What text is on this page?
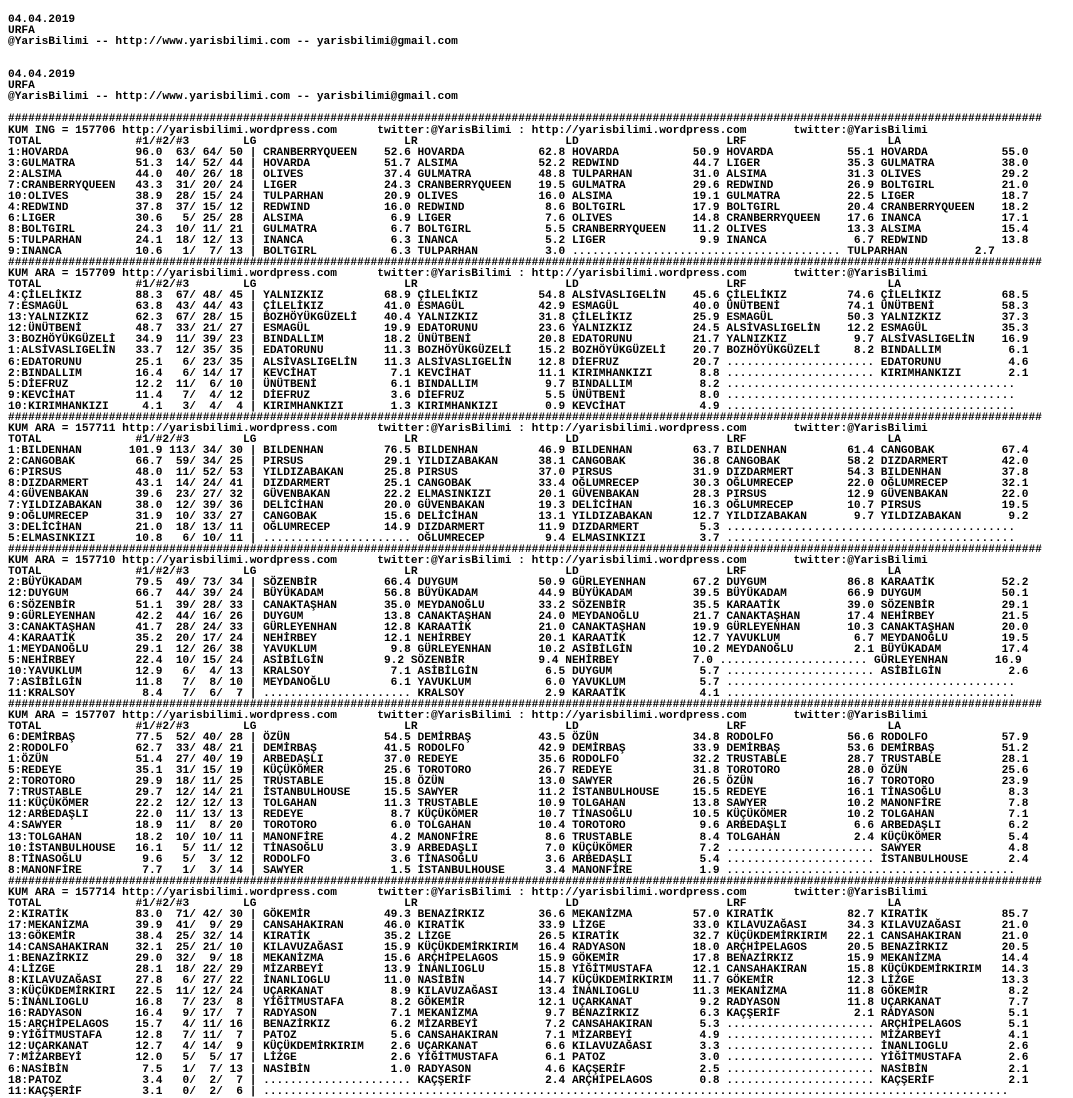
04.04.2019
URFA
@YarisBilimi -- http://www.yarisbilimi.com -- yarisbilimi@gmail.com

04.04.2019
URFA
@YarisBilimi -- http://www.yarisbilimi.com -- yarisbilimi@gmail.com

##########################################################################################################################################################
KUM ING = 157706 http://yarisbilimi.wordpress.com      twitter:@YarisBilimi : http://yarisbilimi.wordpress.com       twitter:@YarisBilimi
TOTAL              #1/#2/#3        LG                      LR                      LD                      LRF                     LA
1:HOVARDA          96.0  63/ 64/ 50 | CRANBERRYQUEEN    52.6 HOVARDA           62.8 HOVARDA           50.9 HOVARDA           55.1 HOVARDA           55.0
3:GULMATRA         51.3  14/ 52/ 44 | HOVARDA           51.7 ALSIMA            52.2 REDWIND           44.7 LIGER             35.3 GULMATRA          38.0
2:ALSIMA           44.0  40/ 26/ 18 | OLIVES            37.4 GULMATRA          48.8 TULPARHAN         31.0 ALSIMA            31.3 OLIVES            29.2
7:CRANBERRYQUEEN   43.3  31/ 20/ 24 | LIGER             24.3 CRANBERRYQUEEN    19.5 GULMATRA          29.6 REDWIND           26.9 BOLTGIRL          21.0
10:OLIVES          38.9  28/ 15/ 24 | TULPARHAN         20.9 OLIVES            16.0 ALSIMA            19.1 GULMATRA          22.5 LIGER             18.7
4:REDWIND          37.8  37/ 15/ 12 | REDWIND           16.0 REDWIND            8.6 BOLTGIRL          17.9 BOLTGIRL          20.4 CRANBERRYQUEEN    18.2
6:LIGER            30.6   5/ 25/ 28 | ALSIMA             6.9 LIGER              7.6 OLIVES            14.8 CRANBERRYQUEEN    17.6 INANCA            17.1
8:BOLTGIRL         24.3  10/ 11/ 21 | GULMATRA           6.7 BOLTGIRL           5.5 CRANBERRYQUEEN    11.2 OLIVES            13.3 ALSIMA            15.4
5:TULPARHAN        24.1  18/ 12/ 13 | INANCA             6.3 INANCA             5.2 LIGER              9.9 INANCA             6.7 REDWIND           13.8
9:INANCA           10.6   1/  7/ 13 | BOLTGIRL           6.3 TULPARHAN          3.0 ........................................ TULPARHAN          2.7
##########################################################################################################################################################
KUM ARA = 157709 http://yarisbilimi.wordpress.com      twitter:@YarisBilimi : http://yarisbilimi.wordpress.com       twitter:@YarisBilimi
TOTAL              #1/#2/#3        LG                      LR                      LD                      LRF                     LA
4:ÇİLELİKIZ        88.3  67/ 48/ 45 | YALNIZKIZ         68.9 ÇİLELİKIZ         54.8 ALSİVASLIGELİN    45.6 ÇİLELİKIZ         74.6 ÇİLELİKIZ         68.5
7:ESMAGÜL          63.8  43/ 44/ 43 | ÇİLELİKIZ         41.0 ESMAGÜL           42.9 ESMAGÜL           40.0 ÜNÜTBENİ          74.1 ÜNÜTBENİ          58.3
13:YALNIZKIZ       62.3  67/ 28/ 15 | BOZHÖYÜKGÜZELİ    40.4 YALNIZKIZ         31.8 ÇİLELİKIZ         25.9 ESMAGÜL           50.3 YALNIZKIZ         37.3
12:ÜNÜTBENİ        48.7  33/ 21/ 27 | ESMAGÜL           19.9 EDATORUNU         23.6 YALNIZKIZ         24.5 ALSİVASLIGELİN    12.2 ESMAGÜL           35.3
3:BOZHÖYÜKGÜZELİ   34.9  11/ 39/ 23 | BINDALLIM         18.2 ÜNÜTBENİ          20.8 EDATORUNU         21.7 YALNIZKIZ          9.7 ALSİVASLIGELİN    16.9
1:ALSİVASLIGELİN   33.7  12/ 35/ 35 | EDATORUNU         11.3 BOZHÖYÜKGÜZELİ    15.2 BOZHÖYÜKGÜZELİ    20.7 BOZHÖYÜKGÜZELİ     8.2 BINDALLIM          6.1
6:EDATORUNU        25.1   6/ 23/ 35 | ALSİVASLIGELİN    11.3 ALSİVASLIGELİN    12.8 DİEFRUZ           20.7 ...................... EDATORUNU          4.6
2:BINDALLIM        16.4   6/ 14/ 17 | KEVCİHAT           7.1 KEVCİHAT          11.1 KIRIMHANKIZI       8.8 ...................... KIRIMHANKIZI       2.1
5:DİEFRUZ          12.2  11/  6/ 10 | ÜNÜTBENİ           6.1 BINDALLIM          9.7 BINDALLIM          8.2 ...........................................
9:KEVCİHAT         11.4   7/  4/ 12 | DİEFRUZ            3.6 DİEFRUZ            5.5 ÜNÜTBENİ           8.0 ...........................................
10:KIRIMHANKIZI     4.1   3/  4/  4 | KIRIMHANKIZI       1.3 KIRIMHANKIZI       0.9 KEVCİHAT           4.9 ...........................................
##########################################################################################################################################################
KUM ARA = 157711 http://yarisbilimi.wordpress.com      twitter:@YarisBilimi : http://yarisbilimi.wordpress.com       twitter:@YarisBilimi
TOTAL              #1/#2/#3        LG                      LR                      LD                      LRF                     LA
1:BILDENHAN       101.9 113/ 34/ 30 | BILDENHAN         76.5 BILDENHAN         46.9 BILDENHAN         63.7 BILDENHAN         61.4 CANGOBAK          67.4
2:CANGOBAK         66.7  59/ 34/ 25 | PIRSUS            29.1 YILDIZABAKAN      38.1 CANGOBAK          36.8 CANGOBAK          58.2 DIZDARMERT        42.0
6:PIRSUS           48.0  11/ 52/ 53 | YILDIZABAKAN      25.8 PIRSUS            37.0 PIRSUS            31.9 DIZDARMERT        54.3 BILDENHAN         37.8
8:DIZDARMERT       43.1  14/ 24/ 41 | DIZDARMERT        25.1 CANGOBAK          33.4 OĞLUMRECEP        30.3 OĞLUMRECEP        22.0 OĞLUMRECEP        32.1
4:GÜVENBAKAN       39.6  23/ 27/ 32 | GÜVENBAKAN        22.2 ELMASINKIZI       20.1 GÜVENBAKAN        28.3 PIRSUS            12.9 GÜVENBAKAN        22.0
7:YILDIZABAKAN     38.0  12/ 39/ 36 | DELİCİHAN         20.0 GÜVENBAKAN        19.3 DELİCİHAN         16.3 OĞLUMRECEP        10.7 PIRSUS            19.5
9:OĞLUMRECEP       31.9  10/ 33/ 27 | CANGOBAK          15.6 DELİCİHAN         13.1 YILDIZABAKAN      12.7 YILDIZABAKAN       9.7 YILDIZABAKAN       9.2
3:DELİCİHAN        21.0  18/ 13/ 11 | OĞLUMRECEP        14.9 DIZDARMERT        11.9 DIZDARMERT         5.3 ...........................................
5:ELMASINKIZI      10.8   6/ 10/ 11 | ...................... OĞLUMRECEP         9.4 ELMASINKIZI        3.7 ...........................................
##########################################################################################################################################################
KUM ARA = 157710 http://yarisbilimi.wordpress.com      twitter:@YarisBilimi : http://yarisbilimi.wordpress.com       twitter:@YarisBilimi
TOTAL              #1/#2/#3        LG                      LR                      LD                      LRF                     LA
2:BÜYÜKADAM        79.5  49/ 73/ 34 | SÖZENBİR          66.4 DUYGUM            50.9 GÜRLEYENHAN       67.2 DUYGUM            86.8 KARAATİK          52.2
12:DUYGUM          66.7  44/ 39/ 24 | BÜYÜKADAM         56.8 BÜYÜKADAM         44.9 BÜYÜKADAM         39.5 BÜYÜKADAM         66.9 DUYGUM            50.1
6:SÖZENBİR         51.1  39/ 28/ 33 | CANAKTAŞHAN       35.0 MEYDANOĞLU        33.2 SÖZENBİR          35.5 KARAATİK          39.0 SÖZENBİR          29.1
9:GÜRLEYENHAN      42.2  44/ 16/ 26 | DUYGUM            13.8 CANAKTAŞHAN       24.0 MEYDANOĞLU        21.7 CANAKTAŞHAN       17.4 NEHİRBEY          21.5
3:CANAKTAŞHAN      41.7  28/ 24/ 33 | GÜRLEYENHAN       12.8 KARAATİK          21.0 CANAKTAŞHAN       19.9 GÜRLEYENHAN       10.3 CANAKTAŞHAN       20.0
4:KARAATİK         35.2  20/ 17/ 24 | NEHİRBEY          12.1 NEHİRBEY          20.1 KARAATİK          12.7 YAVUKLUM           6.7 MEYDANOĞLU        19.5
1:MEYDANOĞLU       29.1  12/ 26/ 38 | YAVUKLUM           9.8 GÜRLEYENHAN       10.2 ASİBİLGİN         10.2 MEYDANOĞLU         2.1 BÜYÜKADAM         17.4
5:NEHİRBEY         22.4  10/ 15/ 24 | ASİBİLGİN         9.2 SÖZENBİR           9.4 NEHİRBEY           7.0 ...................... GÜRLEYENHAN       16.9
10:YAVUKLUM        12.9   6/  4/ 13 | KRALSOY            7.1 ASİBİLGİN          6.5 DUYGUM             5.7 ...................... ASİBİLGİN          2.6
7:ASİBİLGİN        11.8   7/  8/ 10 | MEYDANOĞLU         6.1 YAVUKLUM           6.0 YAVUKLUM           5.7 ...........................................
11:KRALSOY          8.4   7/  6/  7 | ...................... KRALSOY            2.9 KARAATİK           4.1 ...........................................
##########################################################################################################################################################
KUM ARA = 157707 http://yarisbilimi.wordpress.com      twitter:@YarisBilimi : http://yarisbilimi.wordpress.com       twitter:@YarisBilimi
TOTAL              #1/#2/#3        LG                      LR                      LD                      LRF                     LA
6:DEMİRBAŞ         77.5  52/ 40/ 28 | ÖZÜN              54.5 DEMİRBAŞ          43.5 ÖZÜN              34.8 RODOLFO           56.6 RODOLFO           57.9
2:RODOLFO          62.7  33/ 48/ 21 | DEMİRBAŞ          41.5 RODOLFO           42.9 DEMİRBAŞ          33.9 DEMİRBAŞ          53.6 DEMİRBAŞ          51.2
1:ÖZÜN             51.4  27/ 40/ 19 | ARBEDAŞLI         37.0 REDEYE            35.6 RODOLFO           32.2 TRUSTABLE         28.7 TRUSTABLE         28.1
5:REDEYE           35.1  31/ 15/ 19 | KÜÇÜKÖMER         25.6 TOROTORO          26.7 REDEYE            31.8 TOROTORO          28.0 ÖZÜN              25.6
2:TOROTORO         29.9  18/ 11/ 25 | TRUSTABLE         15.8 ÖZÜN              13.0 SAWYER            26.5 ÖZÜN              16.7 TOROTORO          23.9
7:TRUSTABLE        29.7  12/ 14/ 21 | İSTANBULHOUSE     15.5 SAWYER            11.2 İSTANBULHOUSE     15.5 REDEYE            16.1 TİNASOĞLU          8.3
11:KÜÇÜKÖMER       22.2  12/ 12/ 13 | TOLGAHAN          11.3 TRUSTABLE         10.9 TOLGAHAN          13.8 SAWYER            10.2 MANONFİRE          7.8
12:ARBEDAŞLI       22.0  11/ 13/ 13 | REDEYE             8.7 KÜÇÜKÖMER         10.7 TİNASOĞLU         10.5 KÜÇÜKÖMER         10.2 TOLGAHAN           7.1
4:SAWYER           18.9  11/  8/ 20 | TOROTORO           6.0 TOLGAHAN          10.4 TOROTORO           9.6 ARBEDAŞLI          6.6 ARBEDAŞLI          6.2
13:TOLGAHAN        18.2  10/ 10/ 11 | MANONFİRE          4.2 MANONFİRE          8.6 TRUSTABLE          8.4 TOLGAHAN           2.4 KÜÇÜKÖMER          5.4
10:İSTANBULHOUSE   16.1   5/ 11/ 12 | TİNASOĞLU          3.9 ARBEDAŞLI          7.0 KÜÇÜKÖMER          7.2 ...................... SAWYER             4.8
8:TİNASOĞLU         9.6   5/  3/ 12 | RODOLFO            3.6 TİNASOĞLU          3.6 ARBEDAŞLI          5.4 ...................... İSTANBULHOUSE      2.4
8:MANONFİRE         7.7   1/  3/ 14 | SAWYER             1.5 İSTANBULHOUSE      3.4 MANONFİRE          1.9 ...........................................
##########################################################################################################################################################
KUM ARA = 157714 http://yarisbilimi.wordpress.com      twitter:@YarisBilimi : http://yarisbilimi.wordpress.com       twitter:@YarisBilimi
TOTAL              #1/#2/#3        LG                      LR                      LD                      LRF                     LA
2:KIRATİK          83.0  71/ 42/ 30 | GÖKEMİR           49.3 BENAZİRKIZ        36.6 MEKANİZMA         57.0 KIRATİK           82.7 KIRATİK           85.7
17:MEKANİZMA       39.9  41/  9/ 29 | CANSAHAKIRAN      46.0 KIRATİK           33.9 LİZGE             33.0 KILAVUZAĞASI      34.3 KILAVUZAĞASI      21.0
13:GÖKEMİR         38.4  25/ 32/ 14 | KIRATİK           35.2 LİZGE             26.5 KIRATİK           32.7 KÜÇÜKDEMİRKIRIM   22.1 CANSAHAKIRAN      21.0
14:CANSAHAKIRAN    32.1  25/ 21/ 10 | KILAVUZAĞASI      15.9 KÜÇÜKDEMİRKIRIM   16.4 RADYASON          18.0 ARÇHİPELAGOS      20.5 BENAZİRKIZ        20.5
1:BENAZİRKIZ       29.0  32/  9/ 18 | MEKANİZMA         15.6 ARÇHİPELAGOS      15.9 GÖKEMİR           17.8 BENAZİRKIZ        15.9 MEKANİZMA         14.4
4:LİZGE            28.1  18/ 22/ 29 | MİZARBEYİ         13.9 İNANLIOGLU        15.8 YİĞİTMUSTAFA      12.1 CANSAHAKIRAN      15.8 KÜÇÜKDEMİRKIRIM   14.3
8:KILAVUZAĞASI     27.8   6/ 27/ 22 | İNANLIOGLU        11.0 NASİBİN           14.7 KÜÇÜKDEMİRKIRIM   11.7 GÖKEMİR           12.3 LİZGE             13.3
3:KÜÇÜKDEMİRKIRI   22.5  11/ 12/ 24 | UÇARKANAT          8.9 KILAVUZAĞASI      13.4 İNANLIOGLU        11.3 MEKANİZMA         11.8 GÖKEMİR            8.2
5:İNANLIOGLU       16.8   7/ 23/  8 | YİĞİTMUSTAFA       8.2 GÖKEMİR           12.1 UÇARKANAT          9.2 RADYASON          11.8 UÇARKANAT          7.7
16:RADYASON        16.4   9/ 17/  7 | RADYASON           7.1 MEKANİZMA          9.7 BENAZİRKIZ         6.3 KAÇŞERİF           2.1 RADYASON           5.1
15:ARÇHİPELAGOS    15.7   4/ 11/ 16 | BENAZİRKIZ         6.2 MİZARBEYİ          7.2 CANSAHAKIRAN       5.3 ...................... ARÇHİPELAGOS       5.1
9:YİĞİTMUSTAFA     12.8   7/ 11/  7 | PATOZ              5.6 CANSAHAKIRAN       7.1 MİZARBEYİ          4.9 ...................... MİZARBEYİ          4.1
12:UÇARKANAT       12.7   4/ 14/  9 | KÜÇÜKDEMİRKIRIM    2.6 UÇARKANAT          6.6 KILAVUZAĞASI       3.3 ...................... İNANLIOGLU         2.6
7:MİZARBEYİ        12.0   5/  5/ 17 | LİZGE              2.6 YİĞİTMUSTAFA       6.1 PATOZ              3.0 ...................... YİĞİTMUSTAFA       2.6
6:NASİBİN           7.5   1/  7/ 13 | NASİBİN            1.0 RADYASON           4.6 KAÇŞERİF           2.5 ...................... NASİBİN            2.1
18:PATOZ            3.4   0/  2/  7 | ...................... KAÇŞERİF           2.4 ARÇHİPELAGOS       0.8 ...................... KAÇŞERİF           2.1
11:KAÇŞERİF         3.1   0/  2/  6 | ...............................................................................................................
